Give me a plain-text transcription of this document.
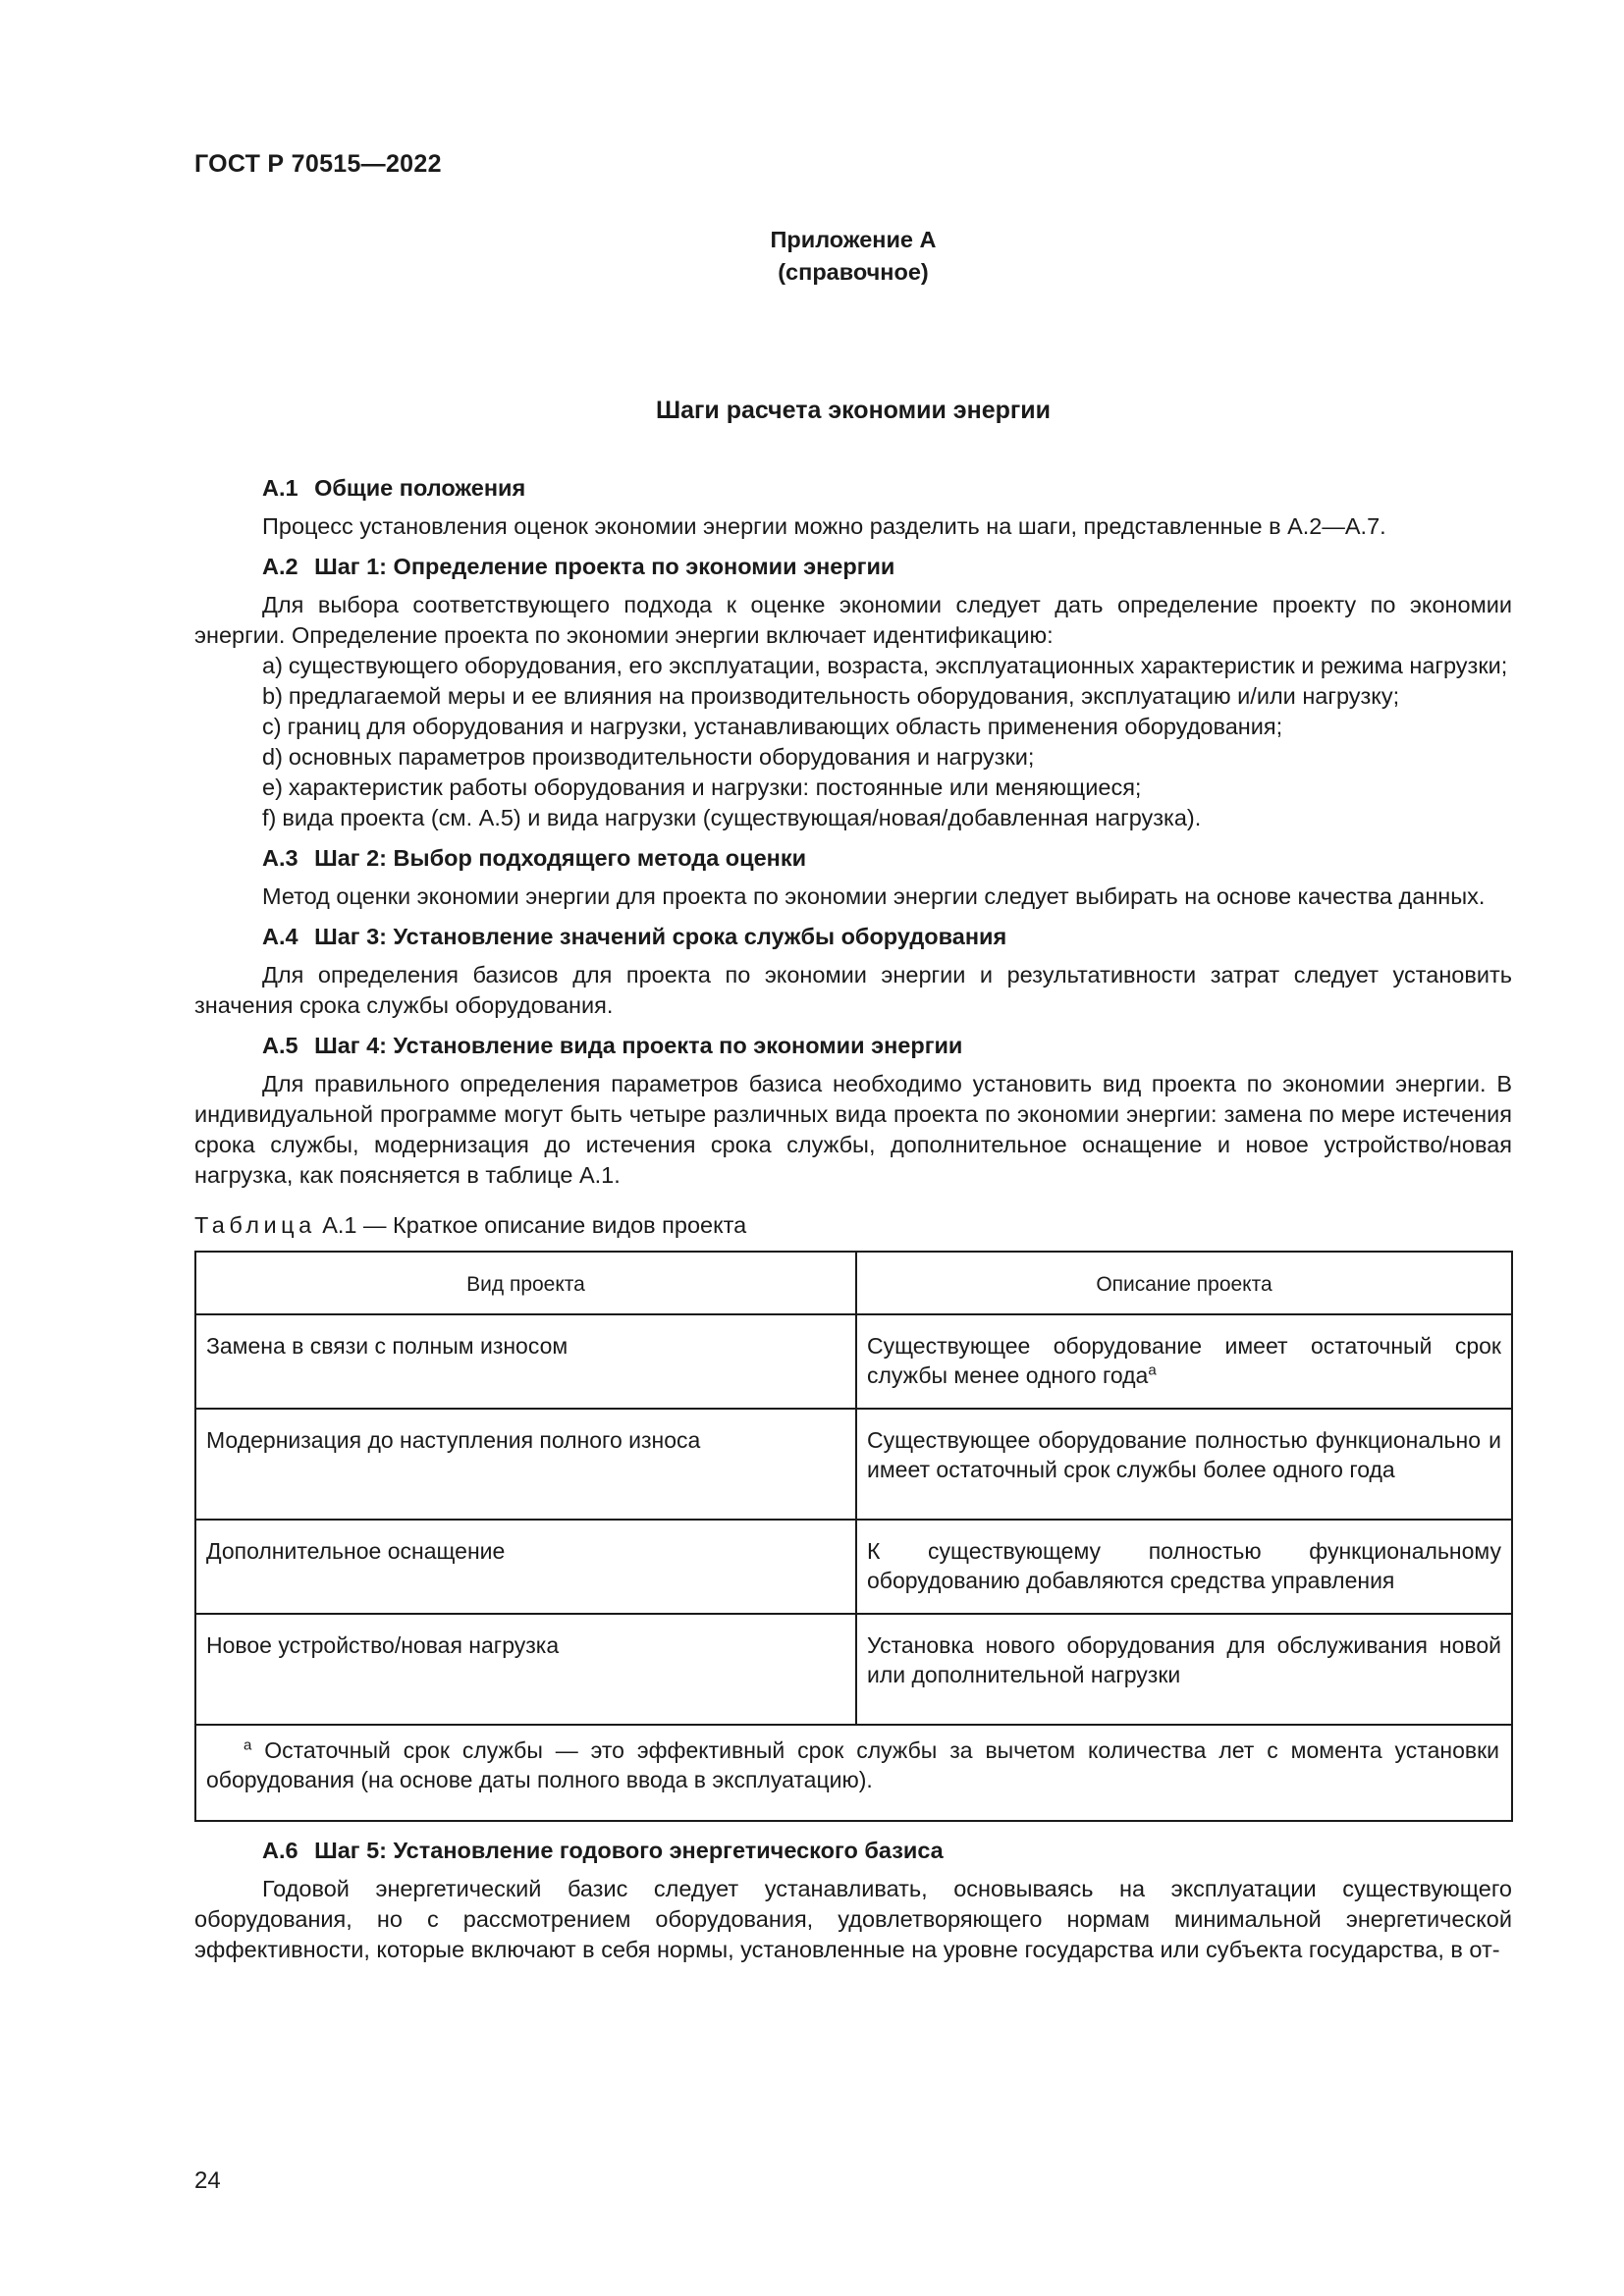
ГОСТ Р 70515—2022
Приложение А
(справочное)
Шаги расчета экономии энергии
А.1 Общие положения

Процесс установления оценок экономии энергии можно разделить на шаги, представленные в А.2—А.7.

А.2 Шаг 1: Определение проекта по экономии энергии

Для выбора соответствующего подхода к оценке экономии следует дать определение проекту по экономии энергии. Определение проекта по экономии энергии включает идентификацию:

а) существующего оборудования, его эксплуатации, возраста, эксплуатационных характеристик и режима нагрузки;

b) предлагаемой меры и ее влияния на производительность оборудования, эксплуатацию и/или нагрузку;

c) границ для оборудования и нагрузки, устанавливающих область применения оборудования;

d) основных параметров производительности оборудования и нагрузки;

e) характеристик работы оборудования и нагрузки: постоянные или меняющиеся;

f) вида проекта (см. А.5) и вида нагрузки (существующая/новая/добавленная нагрузка).

А.3 Шаг 2: Выбор подходящего метода оценки

Метод оценки экономии энергии для проекта по экономии энергии следует выбирать на основе качества данных.

А.4 Шаг 3: Установление значений срока службы оборудования

Для определения базисов для проекта по экономии энергии и результативности затрат следует установить значения срока службы оборудования.

А.5 Шаг 4: Установление вида проекта по экономии энергии

Для правильного определения параметров базиса необходимо установить вид проекта по экономии энергии. В индивидуальной программе могут быть четыре различных вида проекта по экономии энергии: замена по мере истечения срока службы, модернизация до истечения срока службы, дополнительное оснащение и новое устройство/новая нагрузка, как поясняется в таблице А.1.

Таблица А.1 — Краткое описание видов проекта
Вид проекта	Описание проекта
Замена в связи с полным износом	Существующее оборудование имеет остаточный срок службы менее одного года$^а$
Модернизация до наступления полного износа	Существующее оборудование полностью функционально и имеет остаточный срок службы более одного года
Дополнительное оснащение	К существующему полностью функциональному оборудованию добавляются средства управления
Новое устройство/новая нагрузка	Установка нового оборудования для обслуживания новой или дополнительной нагрузки
$^а$ Остаточный срок службы — это эффективный срок службы за вычетом количества лет с момента установки оборудования (на основе даты полного ввода в эксплуатацию).	
А.6 Шаг 5: Установление годового энергетического базиса

Годовой энергетический базис следует устанавливать, основываясь на эксплуатации существующего оборудования, но с рассмотрением оборудования, удовлетворяющего нормам минимальной энергетической эффективности, которые включают в себя нормы, установленные на уровне государства или субъекта государства, в от-

24
